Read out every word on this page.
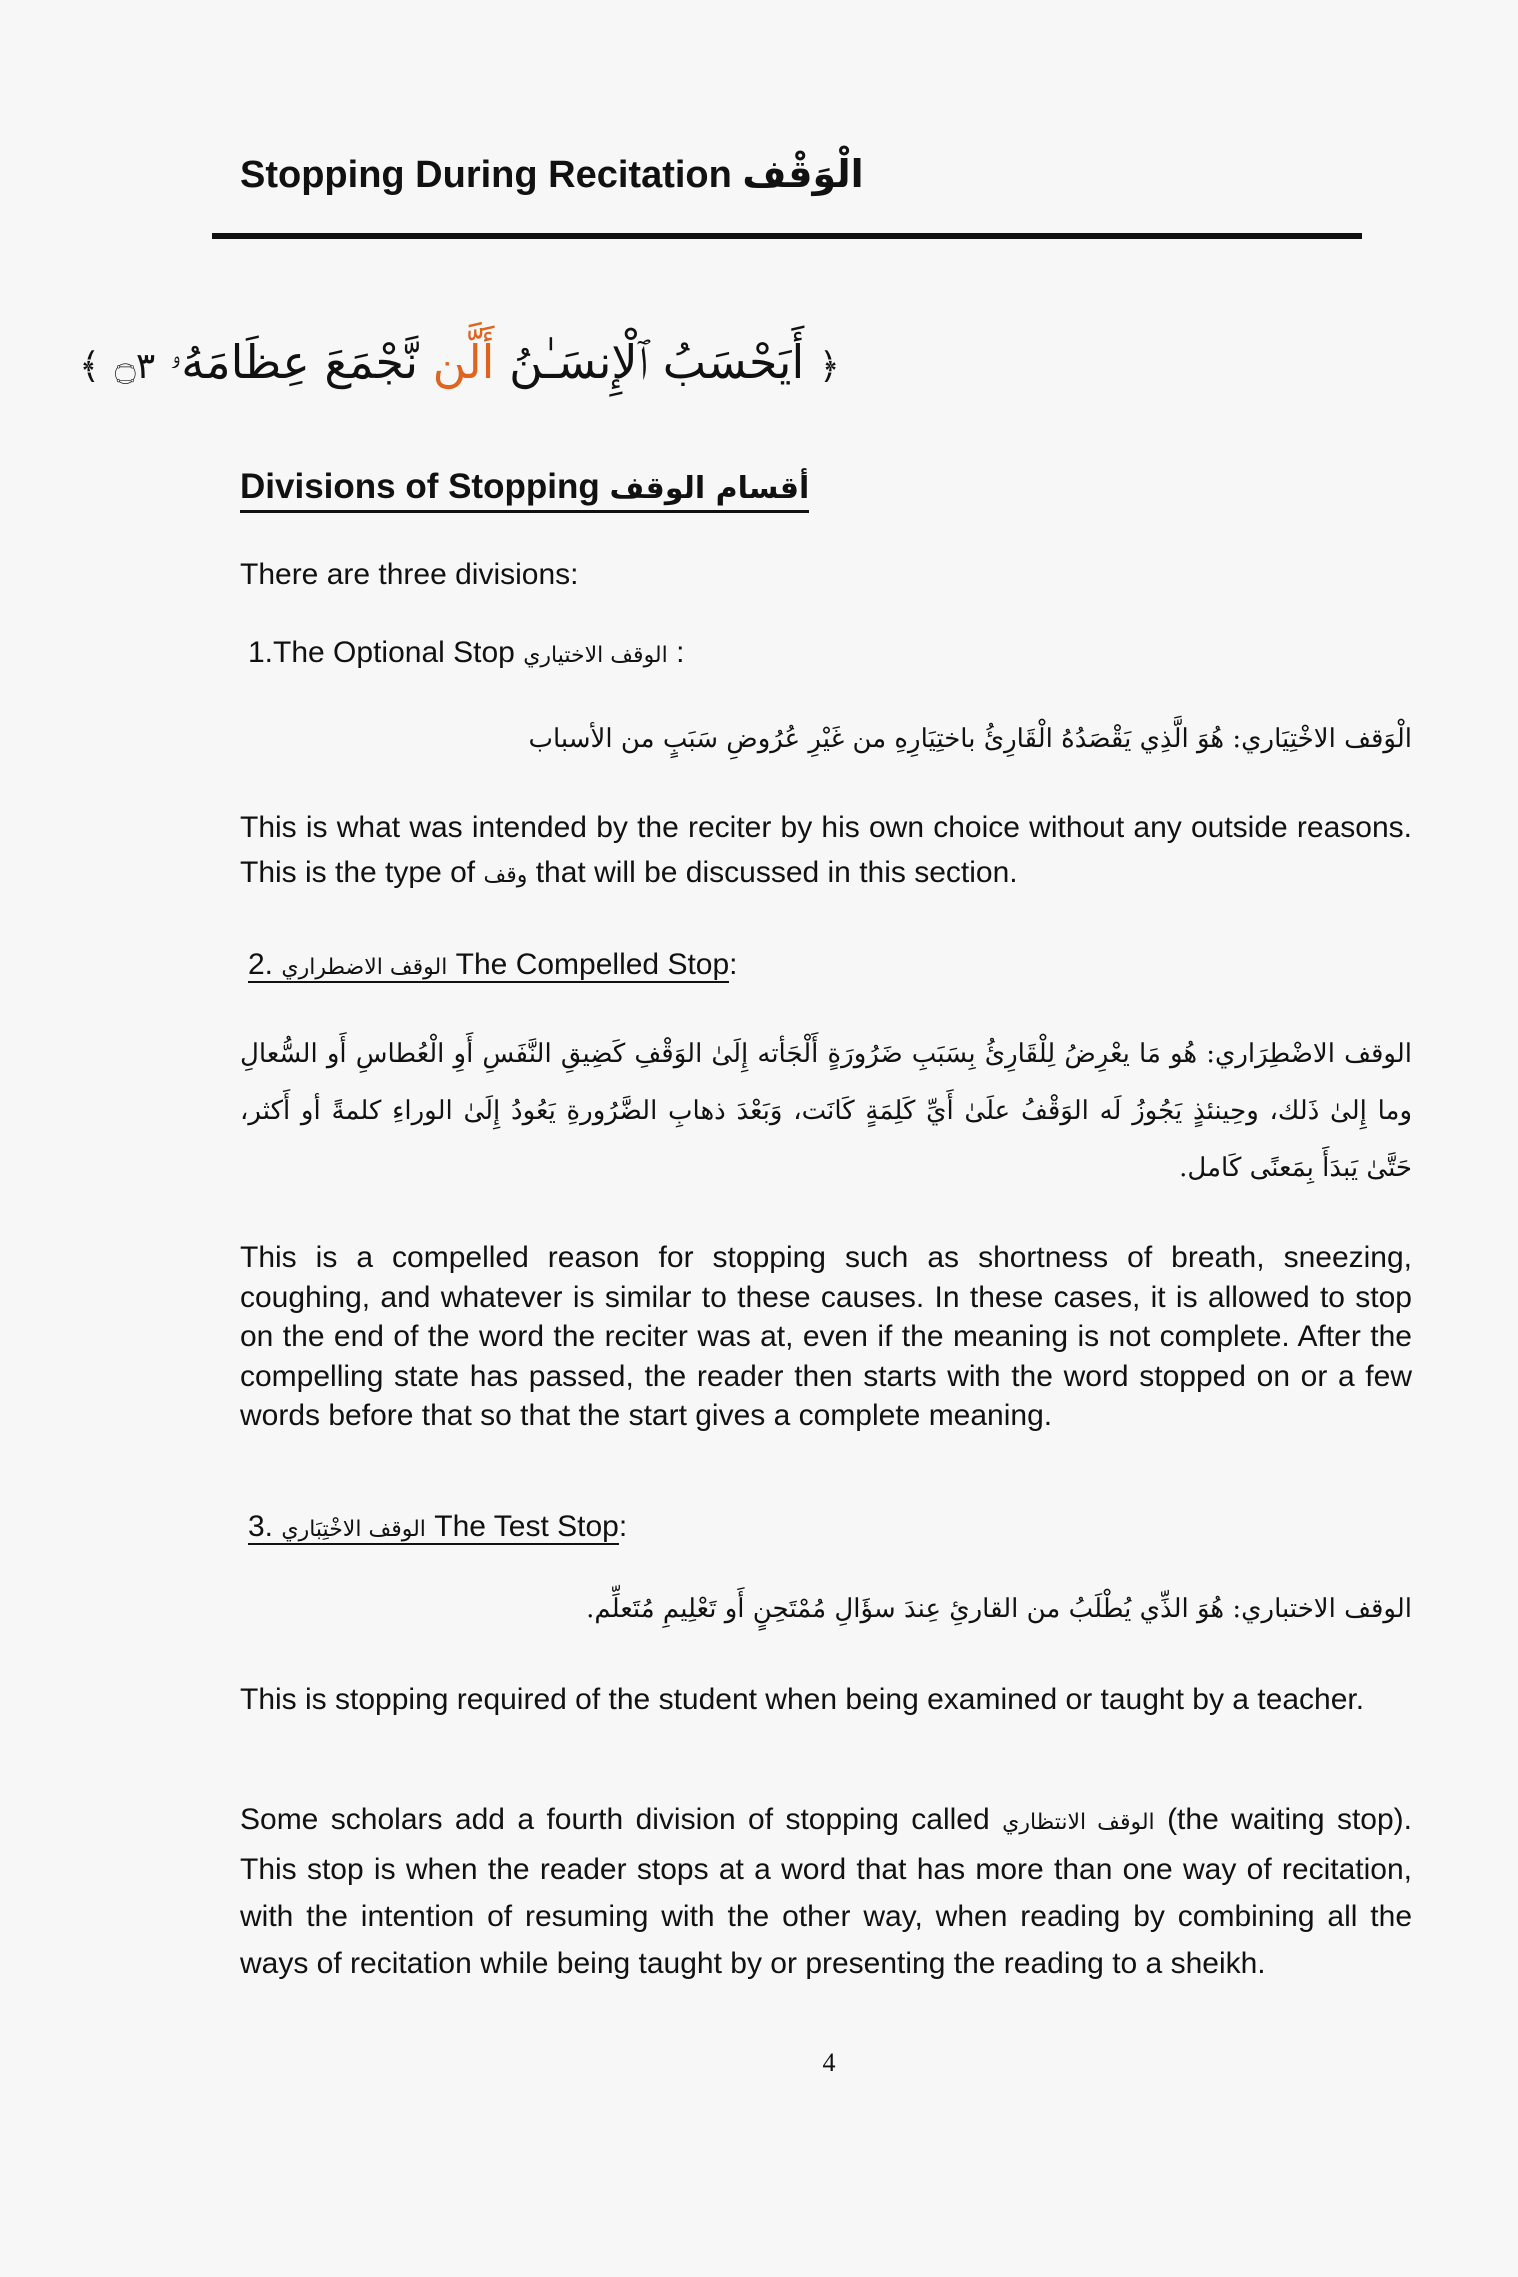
Stopping During Recitation الْوَقْف
﴿ أَيَحْسَبُ ٱلْإِنسَـٰنُ أَلَّن نَّجْمَعَ عِظَامَهُۥ ۝٣ ﴾
Divisions of Stopping أقسام الوقف
There are three divisions:
1.The Optional Stop الوقف الاختياري :
الْوَقف الاخْتِيَاري: هُوَ الَّذِي يَقْصَدُهُ الْقَارِئُ باختِيَارِهِ من غَيْرِ عُرُوضِ سَبَبٍ من الأسباب
This is what was intended by the reciter by his own choice without any outside reasons. This is the type of وقف that will be discussed in this section.
2. الوقف الاضطراري The Compelled Stop:
الوقف الاضْطِرَاري: هُو مَا يعْرِضُ لِلْقَارِئُ بِسَبَبِ ضَرُورَةٍ أَلْجَأته إِلَىٰ الوَقْفِ كَضِيقِ النَّفَسِ أَوِ الْعُطاسِ أَو السُّعالِ وما إِلىٰ ذَلك، وحِينئذٍ يَجُوزُ لَه الوَقْفُ علَىٰ أَيِّ كَلِمَةٍ كَانَت، وَبَعْدَ ذهابِ الضَّرُورةِ يَعُودُ إِلَىٰ الوراءِ كلمةً أو أَكثر، حَتَّىٰ يَبدَأَ بِمَعنًى كَامل.
This is a compelled reason for stopping such as shortness of breath, sneezing, coughing, and whatever is similar to these causes. In these cases, it is allowed to stop on the end of the word the reciter was at, even if the meaning is not complete. After the compelling state has passed, the reader then starts with the word stopped on or a few words before that so that the start gives a complete meaning.
3. الوقف الاخْتِبَاري The Test Stop:
الوقف الاختباري: هُوَ الذِّي يُطْلَبُ من القارئِ عِندَ سؤَالِ مُمْتَحِنٍ أَو تَعْلِيمِ مُتَعلِّم.
This is stopping required of the student when being examined or taught by a teacher.
Some scholars add a fourth division of stopping called الوقف الانتظاري (the waiting stop). This stop is when the reader stops at a word that has more than one way of recitation, with the intention of resuming with the other way, when reading by combining all the ways of recitation while being taught by or presenting the reading to a sheikh.
4
